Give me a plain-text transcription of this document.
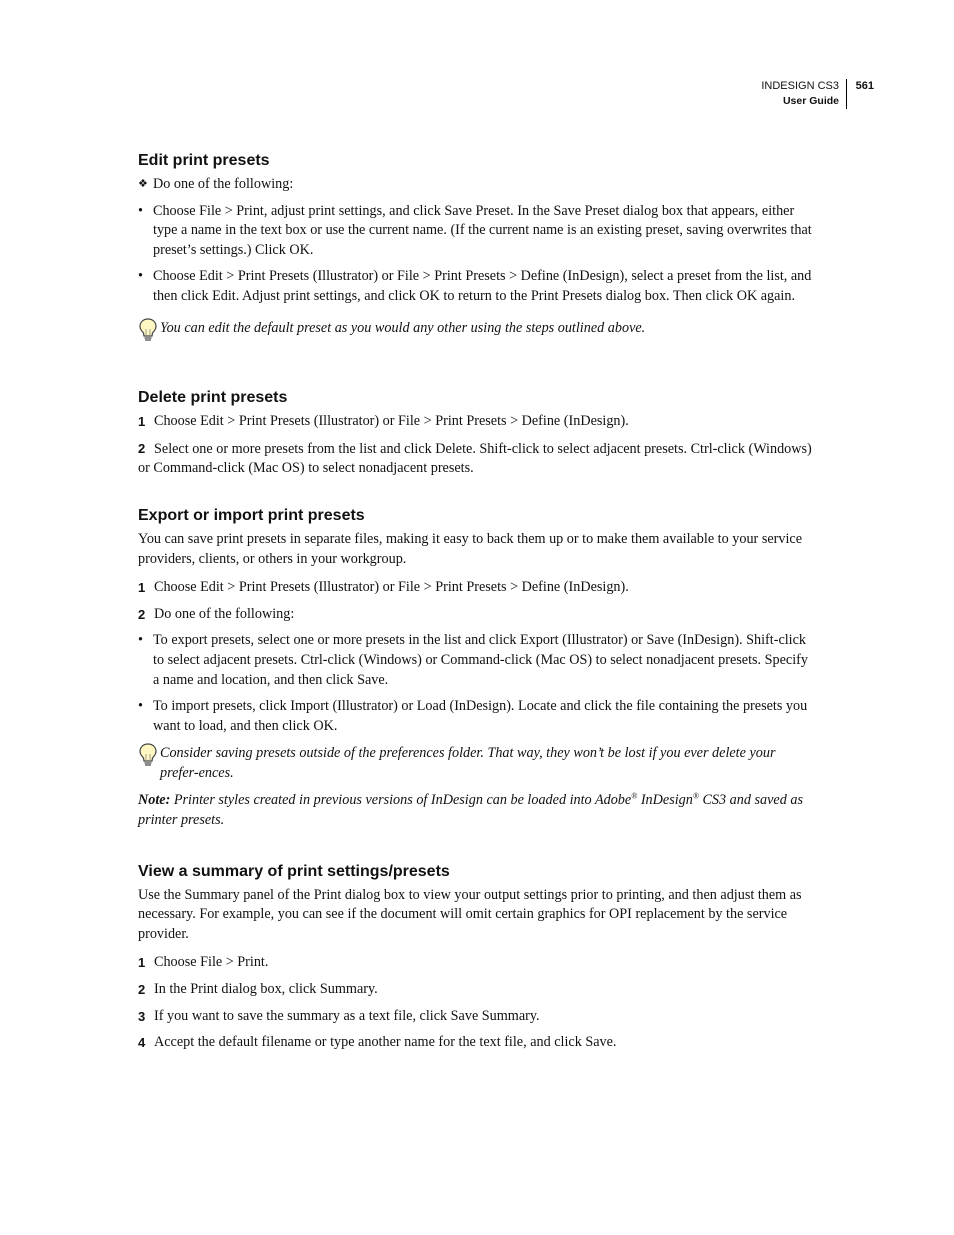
INDESIGN CS3 561
User Guide
Edit print presets
❖ Do one of the following:
• Choose File > Print, adjust print settings, and click Save Preset. In the Save Preset dialog box that appears, either type a name in the text box or use the current name. (If the current name is an existing preset, saving overwrites that preset’s settings.) Click OK.
• Choose Edit > Print Presets (Illustrator) or File > Print Presets > Define (InDesign), select a preset from the list, and then click Edit. Adjust print settings, and click OK to return to the Print Presets dialog box. Then click OK again.
You can edit the default preset as you would any other using the steps outlined above.
Delete print presets
1 Choose Edit > Print Presets (Illustrator) or File > Print Presets > Define (InDesign).
2 Select one or more presets from the list and click Delete. Shift-click to select adjacent presets. Ctrl-click (Windows) or Command-click (Mac OS) to select nonadjacent presets.
Export or import print presets

You can save print presets in separate files, making it easy to back them up or to make them available to your service providers, clients, or others in your workgroup.

1 Choose Edit > Print Presets (Illustrator) or File > Print Presets > Define (InDesign).
2 Do one of the following:
• To export presets, select one or more presets in the list and click Export (Illustrator) or Save (InDesign). Shift-click to select adjacent presets. Ctrl-click (Windows) or Command-click (Mac OS) to select nonadjacent presets. Specify a name and location, and then click Save.
• To import presets, click Import (Illustrator) or Load (InDesign). Locate and click the file containing the presets you want to load, and then click OK.
Consider saving presets outside of the preferences folder. That way, they won’t be lost if you ever delete your prefer-ences.

Note: Printer styles created in previous versions of InDesign can be loaded into Adobe® InDesign® CS3 and saved as printer presets.

View a summary of print settings/presets

Use the Summary panel of the Print dialog box to view your output settings prior to printing, and then adjust them as necessary. For example, you can see if the document will omit certain graphics for OPI replacement by the service provider.

1 Choose File > Print.
2 In the Print dialog box, click Summary.
3 If you want to save the summary as a text file, click Save Summary.
4 Accept the default filename or type another name for the text file, and click Save.
